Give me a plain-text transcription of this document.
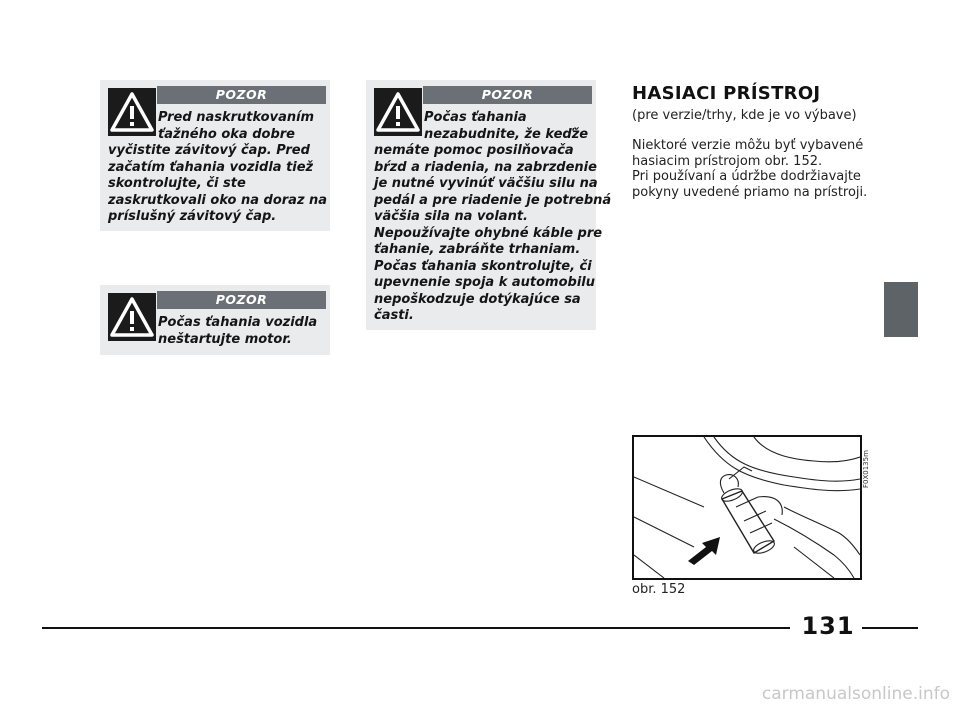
POZOR

Pred naskrutkovaním
ťažného oka dobre
vyčistite závitový čap. Pred
začatím ťahania vozidla tiež
skontrolujte, či ste
zaskrutkovali oko na doraz na
príslušný závitový čap.

POZOR

Počas ťahania vozidla
neštartujte motor.

POZOR

Počas ťahania
nezabudnite, že keďže
nemáte pomoc posilňovača
bŕzd a riadenia, na zabrzdenie
je nutné vyvinúť väčšiu silu na
pedál a pre riadenie je potrebná
väčšia sila na volant.
Nepoužívajte ohybné káble pre
ťahanie, zabráňte trhaniam.
Počas ťahania skontrolujte, či
upevnenie spoja k automobilu
nepoškodzuje dotýkajúce sa
časti.

HASIACI PRÍSTROJ

(pre verzie/trhy, kde je vo výbave)

Niektoré verzie môžu byť vybavené
hasiacim prístrojom obr. 152.
Pri používaní a údržbe dodržiavajte
pokyny uvedené priamo na prístroji.

F0X0135m

obr. 152

131
carmanualsonline.info
